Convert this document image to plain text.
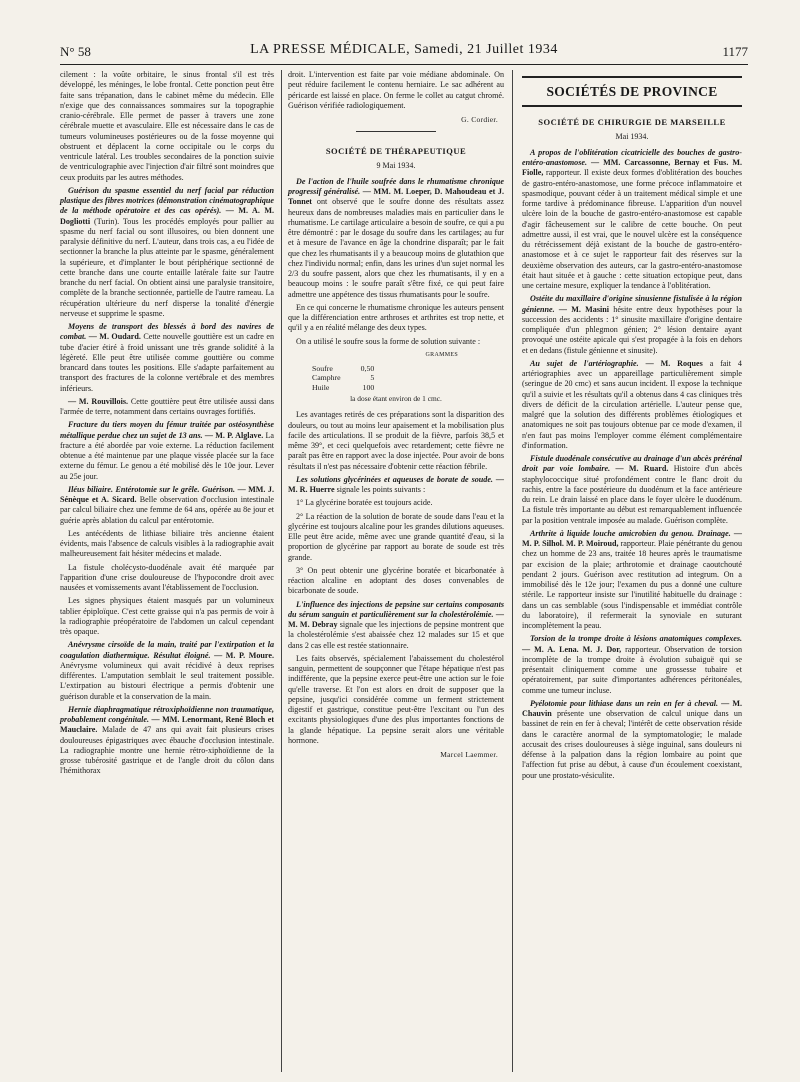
N° 58	LA PRESSE MÉDICALE, Samedi, 21 Juillet 1934	1177

cilement : la voûte orbitaire, le sinus frontal s'il est très développé, les méninges, le lobe frontal. Cette ponction peut être faite sans trépanation, dans le cabinet même du médecin. Elle n'exige que des connaissances sommaires sur la topographie cranio-cérébrale. Elle permet de passer à travers une zone cérébrale muette et avasculaire. Elle est nécessaire dans le cas de tumeurs volumineuses postérieures ou de la fosse moyenne qui obstruent et déplacent la corne occipitale ou le corps du ventricule latéral. Les troubles secondaires de la ponction suivie de ventriculographie avec l'injection d'air filtré sont moindres que ceux produits par les autres méthodes.

Guérison du spasme essentiel du nerf facial par réduction plastique des fibres motrices (démonstration cinématographique de la méthode opératoire et des cas opérés). — M. A. M. Dogliotti (Turin). Tous les procédés employés pour pallier au spasme du nerf facial ou sont illusoires, ou bien donnent une paralysie définitive du nerf. L'auteur, dans trois cas, a eu l'idée de sectionner la branche la plus atteinte par le spasme, généralement la supérieure, et d'implanter le bout périphérique sectionné de cette branche dans une courte entaille latérale faite sur l'autre branche du nerf facial. On obtient ainsi une paralysie transitoire, complète de la branche sectionnée, partielle de l'autre rameau. La récupération ultérieure du nerf disperse la tonalité d'énergie nerveuse et supprime le spasme.

Moyens de transport des blessés à bord des navires de combat. — M. Oudard. Cette nouvelle gouttière est un cadre en tube d'acier étiré à froid unissant une très grande solidité à la légèreté. Elle peut être utilisée comme gouttière ou comme brancard dans toutes les positions. Elle s'adapte parfaitement au transport des fractures de la colonne vertébrale et des membres inférieurs.

— M. Rouvillois. Cette gouttière peut être utilisée aussi dans l'armée de terre, notamment dans certains ouvrages fortifiés.

Fracture du tiers moyen du fémur traitée par ostéosynthèse métallique perdue chez un sujet de 13 ans. — M. P. Alglave. La fracture a été abordée par voie externe. La réduction facilement obtenue a été maintenue par une plaque vissée placée sur la face externe du fémur. Le genou a été mobilisé dès le 10e jour. Lever au 25e jour.

Iléus biliaire. Entérotomie sur le grêle. Guérison. — MM. J. Sénèque et A. Sicard. Belle observation d'occlusion intestinale par calcul biliaire chez une femme de 64 ans, opérée au 8e jour et guérie après ablation du calcul par entérotomie.

Les antécédents de lithiase biliaire très ancienne étaient évidents, mais l'absence de calculs visibles à la radiographie avait malheureusement fait hésiter médecins et malade.

La fistule cholécysto-duodénale avait été marquée par l'apparition d'une crise douloureuse de l'hypocondre droit avec nausées et vomissements avant l'établissement de l'occlusion.

Les signes physiques étaient masqués par un volumineux tablier épiploïque. C'est cette graisse qui n'a pas permis de voir à la radiographie préopératoire de l'abdomen un calcul cependant très opaque.

Anévrysme cirsoïde de la main, traité par l'extirpation et la coagulation diathermique. Résultat éloigné. — M. P. Moure. Anévrysme volumineux qui avait récidivé à deux reprises différentes. L'amputation semblait le seul traitement possible. L'extirpation au bistouri électrique a permis d'obtenir une guérison durable et la conservation de la main.

Hernie diaphragmatique rétroxiphoïdienne non traumatique, probablement congénitale. — MM. Lenormant, René Bloch et Mauclaire. Malade de 47 ans qui avait fait plusieurs crises douloureuses épigastriques avec ébauche d'occlusion intestinale. La radiographie montre une hernie rétro-xiphoïdienne de la grosse tubérosité gastrique et de l'angle droit du côlon dans l'hémithorax

droit. L'intervention est faite par voie médiane abdominale. On peut réduire facilement le contenu herniaire. Le sac adhérent au péricarde est laissé en place. On ferme le collet au catgut chromé. Guérison vérifiée radiologiquement.

G. Cordier.
SOCIÉTÉ DE THÉRAPEUTIQUE
9 Mai 1934.

De l'action de l'huile soufrée dans le rhumatisme chronique progressif généralisé. — MM. M. Loeper, D. Mahoudeau et J. Tonnet ont observé que le soufre donne des résultats assez heureux dans de nombreuses maladies mais en particulier dans le rhumatisme. Le cartilage articulaire a besoin de soufre, ce qui a pu être démontré : par le dosage du soufre dans les cartilages; au fur et à mesure de l'avance en âge la chondrine disparaît; par le fait que chez les rhumatisants il y a beaucoup moins de glutathion que chez l'individu normal; enfin, dans les urines d'un sujet normal les 2/3 du soufre passent, alors que chez les rhumatisants, il y en a beaucoup moins : le soufre paraît s'être fixé, ce qui peut faire admettre une appétence des tissus rhumatisants pour le soufre.

En ce qui concerne le rhumatisme chronique les auteurs pensent que la différenciation entre arthroses et arthrites est trop nette, et qu'il y a en réalité mélange des deux types.

On a utilisé le soufre sous la forme de solution suivante :

GRAMMES
Soufre	0,50
Camphre	5
Huile	100
la dose étant environ de 1 cmc.

Les avantages retirés de ces préparations sont la disparition des douleurs, ou tout au moins leur apaisement et la mobilisation plus facile des articulations. Il se produit de la fièvre, parfois 38,5 et même 39°, et ceci quelquefois avec retardement; cette fièvre ne paraît pas être en rapport avec la dose injectée. Pour avoir de bons résultats il n'est pas nécessaire d'obtenir cette réaction fébrile.

Les solutions glycérinées et aqueuses de borate de soude. — M. R. Huerre signale les points suivants :

1° La glycérine boratée est toujours acide.

2° La réaction de la solution de borate de soude dans l'eau et la glycérine est toujours alcaline pour les grandes dilutions aqueuses. Elle peut être acide, même avec une grande quantité d'eau, si la proportion de glycérine par rapport au borate de soude est très grande.

3° On peut obtenir une glycérine boratée et bicarbonatée à réaction alcaline en adoptant des doses convenables de bicarbonate de soude.

L'influence des injections de pepsine sur certains composants du sérum sanguin et particulièrement sur la cholestérolémie. — M. M. Debray signale que les injections de pepsine montrent que la cholestérolémie s'est abaissée chez 12 malades sur 15 et que dans 2 cas elle est restée stationnaire.

Les faits observés, spécialement l'abaissement du cholestérol sanguin, permettent de soupçonner que l'étape hépatique n'est pas indifférente, que la pepsine exerce peut-être une action sur le foie qu'elle traverse. Et l'on est alors en droit de supposer que la pepsine, jusqu'ici considérée comme un ferment strictement digestif et gastrique, constitue peut-être l'excitant ou l'un des excitants physiologiques d'une des plus importantes fonctions de la glande hépatique. La pepsine serait alors une véritable hormone.

Marcel Laemmer.
SOCIÉTÉS DE PROVINCE
SOCIÉTÉ DE CHIRURGIE DE MARSEILLE
Mai 1934.

A propos de l'oblitération cicatricielle des bouches de gastro-entéro-anastomose. — MM. Carcassonne, Bernay et Fus. M. Fiolle, rapporteur. Il existe deux formes d'oblitération des bouches de gastro-entéro-anastomose, une forme précoce inflammatoire et spasmodique, pouvant céder à un traitement médical simple et une forme tardive à prédominance fibreuse. L'apparition d'un nouvel ulcère loin de la bouche de gastro-entéro-anastomose est capable d'agir fâcheusement sur le calibre de cette bouche. On peut admettre aussi, il est vrai, que le nouvel ulcère est la conséquence du rétrécissement déjà existant de la bouche de gastro-entéro-anastomose et à ce sujet le rapporteur fait des réserves sur la deuxième observation des auteurs, car la gastro-entéro-anastomose était haut située et à gauche : cette situation ectopique peut, dans une certaine mesure, expliquer la tendance à l'oblitération.

Ostéite du maxillaire d'origine sinusienne fistulisée à la région génienne. — M. Masini hésite entre deux hypothèses pour la succession des accidents : 1° sinusite maxillaire d'origine dentaire compliquée d'un phlegmon génien; 2° lésion dentaire ayant provoqué une ostéite apicale qui s'est propagée à la fois en dehors et en dedans (fistule génienne et sinusite).

Au sujet de l'artériographie. — M. Roques a fait 4 artériographies avec un appareillage particulièrement simple (seringue de 20 cmc) et sans aucun incident. Il expose la technique qu'il a suivie et les résultats qu'il a obtenus dans 4 cas cliniques très divers de déficit de la circulation artérielle. L'auteur pense que, malgré que la solution des différents problèmes étiologiques et anatomiques ne soit pas toujours obtenue par ce mode d'examen, il n'en faut pas moins l'employer comme élément complémentaire d'information.

Fistule duodénale consécutive au drainage d'un abcès prérénal droit par voie lombaire. — M. Ruard. Histoire d'un abcès staphylococcique situé profondément contre le flanc droit du rachis, entre la face postérieure du duodénum et la face antérieure du rein. Le drain laissé en place dans le foyer ulcère le duodénum. La fistule très importante au début est remarquablement influencée par la position ventrale imposée au malade. Guérison complète.

Arthrite à liquide louche amicrobien du genou. Drainage. — M. P. Silhol. M. P. Moiroud, rapporteur. Plaie pénétrante du genou chez un homme de 23 ans, traitée 18 heures après le traumatisme par excision de la plaie; arthrotomie et drainage caoutchouté pendant 2 jours. Guérison avec restitution ad integrum. On a immobilisé dès le 12e jour; l'examen du pus a donné une culture stérile. Le rapporteur insiste sur l'inutilité habituelle du drainage : dans un cas semblable (sous l'indispensable et immédiat contrôle du laboratoire), il refermerait la synoviale en suturant incomplètement la peau.

Torsion de la trompe droite à lésions anatomiques complexes. — M. A. Lena. M. J. Dor, rapporteur. Observation de torsion incomplète de la trompe droite à évolution subaiguë qui se présentait cliniquement comme une grossesse tubaire et opératoirement, par suite d'importantes adhérences péritonéales, comme une tumeur incluse.

Pyélotomie pour lithiase dans un rein en fer à cheval. — M. Chauvin présente une observation de calcul unique dans un bassinet de rein en fer à cheval; l'intérêt de cette observation réside dans le caractère anormal de la symptomatologie; le malade accusait des crises douloureuses à siège inguinal, sans douleurs ni défense à la palpation dans la région lombaire au point que l'affection fut prise au début, à cause d'un écoulement coexistant, pour une prostato-vésiculite.
